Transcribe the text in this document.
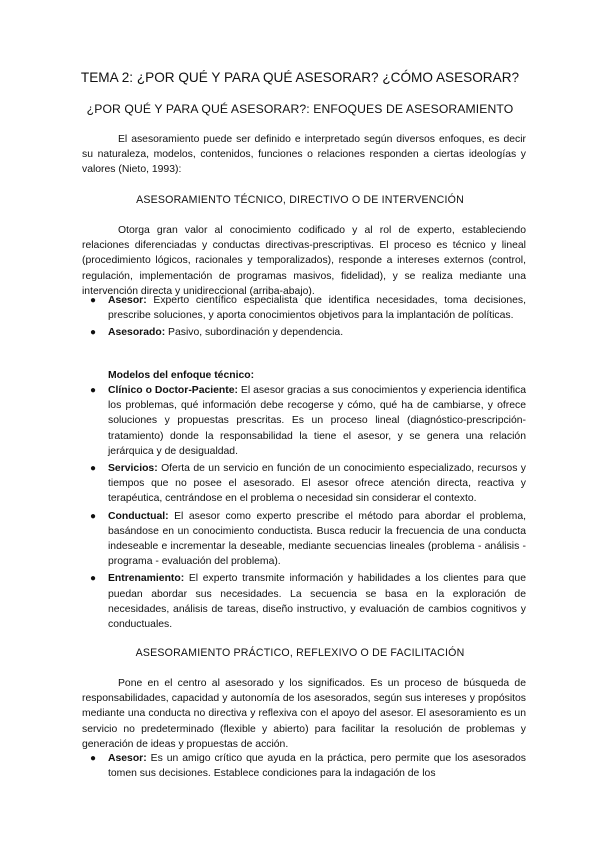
TEMA 2: ¿POR QUÉ Y PARA QUÉ ASESORAR? ¿CÓMO ASESORAR?
¿POR QUÉ Y PARA QUÉ ASESORAR?: ENFOQUES DE ASESORAMIENTO

El asesoramiento puede ser definido e interpretado según diversos enfoques, es decir su naturaleza, modelos, contenidos, funciones o relaciones responden a ciertas ideologías y valores (Nieto, 1993):

ASESORAMIENTO TÉCNICO, DIRECTIVO O DE INTERVENCIÓN

Otorga gran valor al conocimiento codificado y al rol de experto, estableciendo relaciones diferenciadas y conductas directivas-prescriptivas. El proceso es técnico y lineal (procedimiento lógicos, racionales y temporalizados), responde a intereses externos (control, regulación, implementación de programas masivos, fidelidad), y se realiza mediante una intervención directa y unidireccional (arriba-abajo).

● Asesor: Experto científico especialista que identifica necesidades, toma decisiones, prescribe soluciones, y aporta conocimientos objetivos para la implantación de políticas.
● Asesorado: Pasivo, subordinación y dependencia.

Modelos del enfoque técnico:

● Clínico o Doctor-Paciente: El asesor gracias a sus conocimientos y experiencia identifica los problemas, qué información debe recogerse y cómo, qué ha de cambiarse, y ofrece soluciones y propuestas prescritas. Es un proceso lineal (diagnóstico-prescripción-tratamiento) donde la responsabilidad la tiene el asesor, y se genera una relación jerárquica y de desigualdad.
● Servicios: Oferta de un servicio en función de un conocimiento especializado, recursos y tiempos que no posee el asesorado. El asesor ofrece atención directa, reactiva y terapéutica, centrándose en el problema o necesidad sin considerar el contexto.
● Conductual: El asesor como experto prescribe el método para abordar el problema, basándose en un conocimiento conductista. Busca reducir la frecuencia de una conducta indeseable e incrementar la deseable, mediante secuencias lineales (problema - análisis - programa - evaluación del problema).
● Entrenamiento: El experto transmite información y habilidades a los clientes para que puedan abordar sus necesidades. La secuencia se basa en la exploración de necesidades, análisis de tareas, diseño instructivo, y evaluación de cambios cognitivos y conductuales.
ASESORAMIENTO PRÁCTICO, REFLEXIVO O DE FACILITACIÓN

Pone en el centro al asesorado y los significados. Es un proceso de búsqueda de responsabilidades, capacidad y autonomía de los asesorados, según sus intereses y propósitos mediante una conducta no directiva y reflexiva con el apoyo del asesor. El asesoramiento es un servicio no predeterminado (flexible y abierto) para facilitar la resolución de problemas y generación de ideas y propuestas de acción.

● Asesor: Es un amigo crítico que ayuda en la práctica, pero permite que los asesorados tomen sus decisiones. Establece condiciones para la indagación de los
